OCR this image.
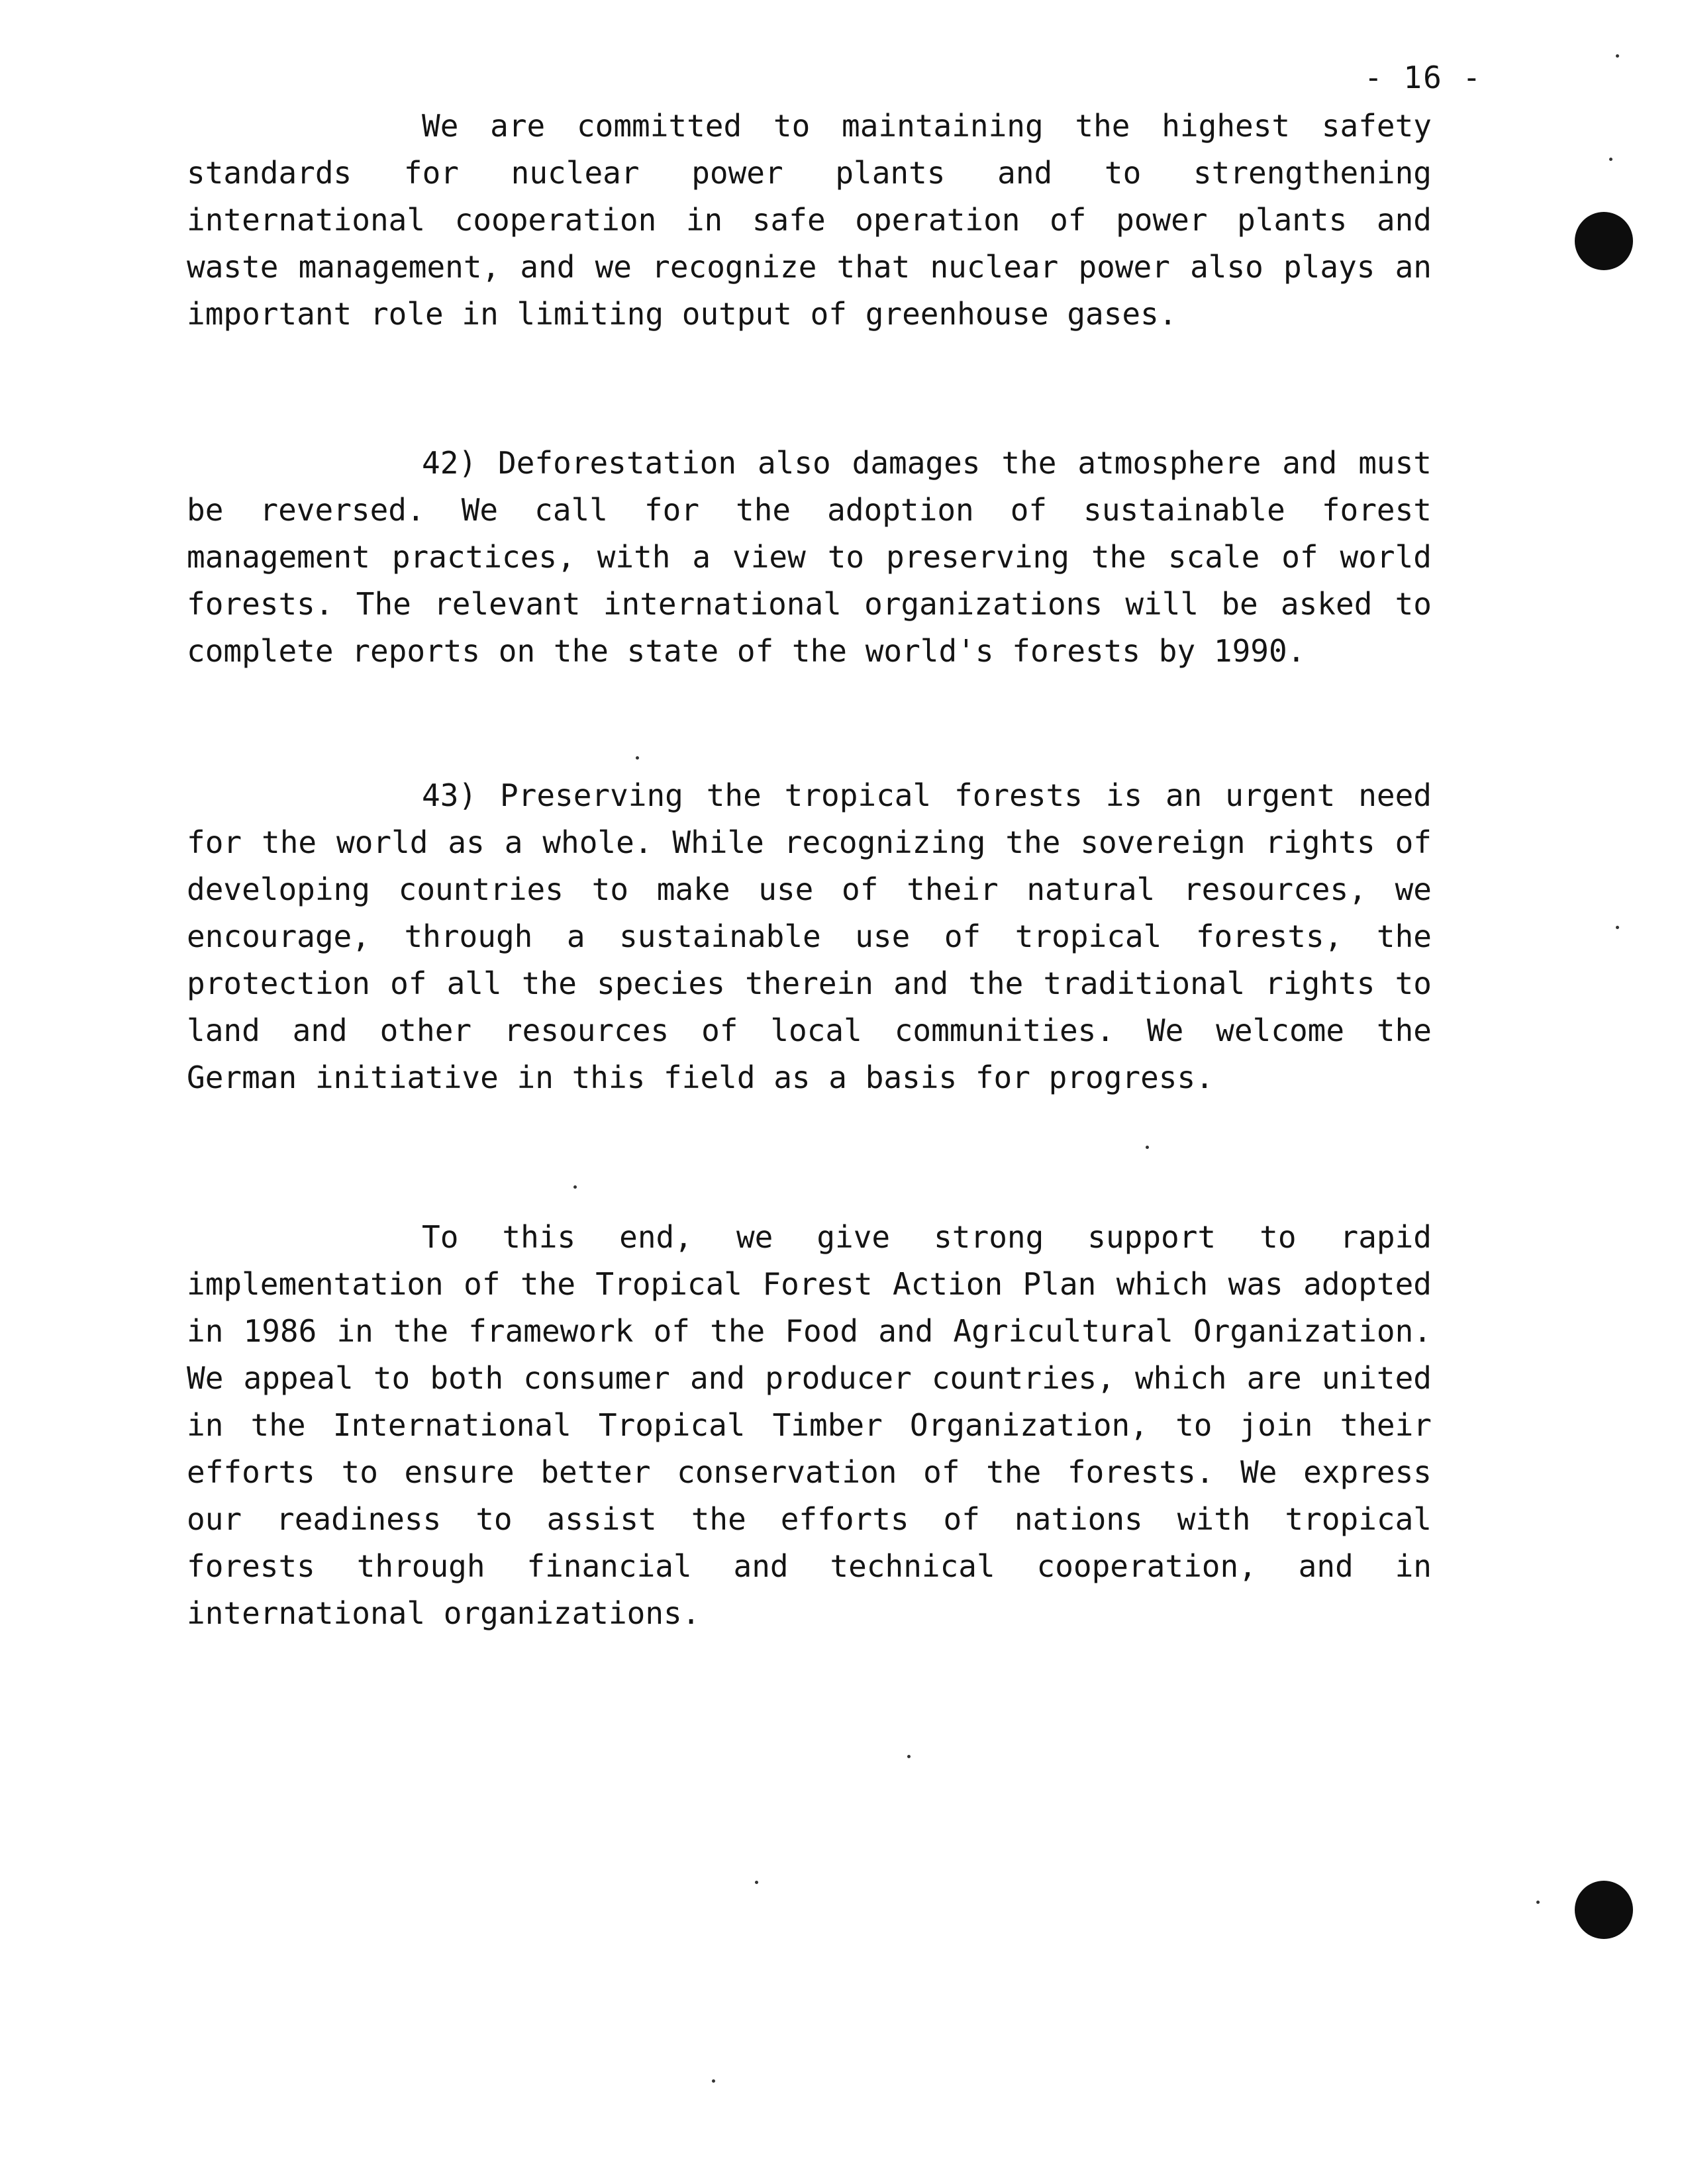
- 16 -

We are committed to maintaining the highest safety standards for nuclear power plants and to strengthening international cooperation in safe operation of power plants and waste management, and we recognize that nuclear power also plays an important role in limiting output of greenhouse gases.

42) Deforestation also damages the atmosphere and must be reversed. We call for the adoption of sustainable forest management practices, with a view to preserving the scale of world forests. The relevant international organizations will be asked to complete reports on the state of the world's forests by 1990.

43) Preserving the tropical forests is an urgent need for the world as a whole. While recognizing the sovereign rights of developing countries to make use of their natural resources, we encourage, through a sustainable use of tropical forests, the protection of all the species therein and the traditional rights to land and other resources of local communities. We welcome the German initiative in this field as a basis for progress.

To this end, we give strong support to rapid implementation of the Tropical Forest Action Plan which was adopted in 1986 in the framework of the Food and Agricultural Organization. We appeal to both consumer and producer countries, which are united in the International Tropical Timber Organization, to join their efforts to ensure better conservation of the forests. We express our readiness to assist the efforts of nations with tropical forests through financial and technical cooperation, and in international organizations.
